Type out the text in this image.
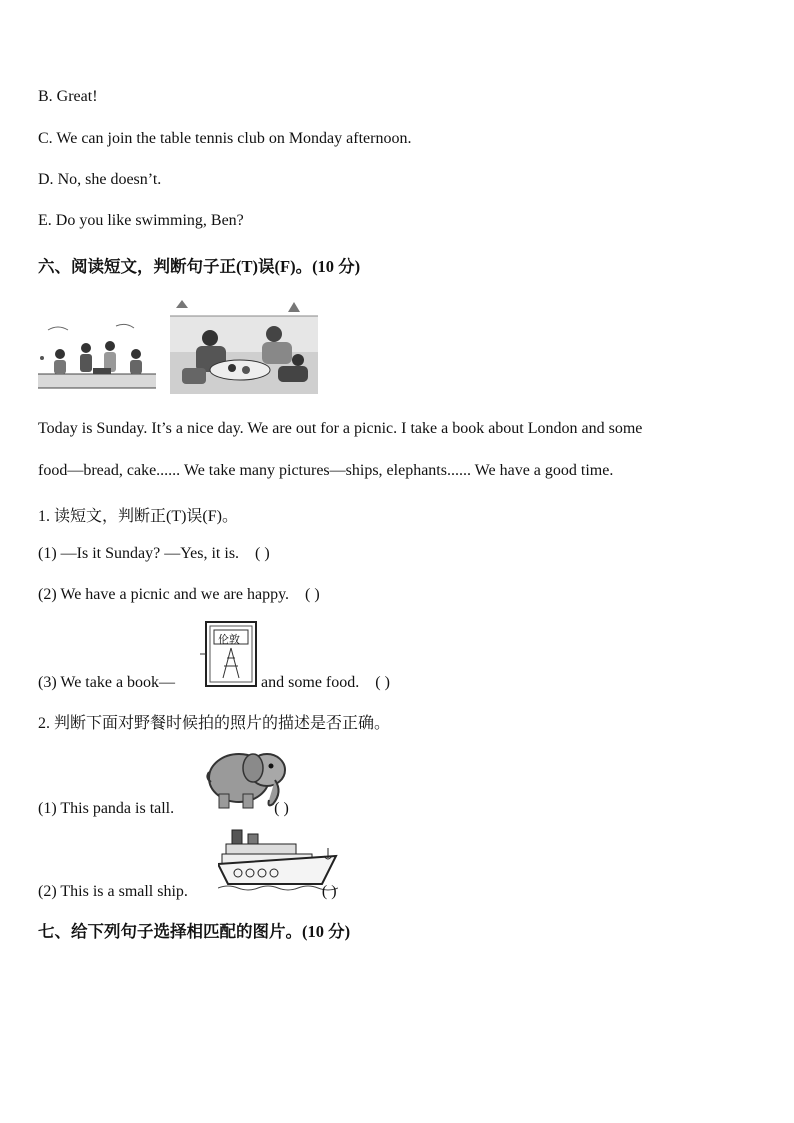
B. Great!
C. We can join the table tennis club on Monday afternoon.
D. No, she doesn’t.
E. Do you like swimming, Ben?
六、阅读短文，判断句子正(T)误(F)。(10 分)
Today is Sunday. It’s a nice day. We are out for a picnic. I take a book about London and some
food—bread, cake...... We take many pictures—ships, elephants...... We have a good time.
1. 读短文，判断正(T)误(F)。
(1) —Is it Sunday? —Yes, it is. ( )
(2) We have a picnic and we are happy. ( )
伦敦
(3) We take a book—	and some food. ( )
2. 判断下面对野餐时候拍的照片的描述是否正确。
(1) This panda is tall.	( )
(2) This is a small ship.	( )
七、给下列句子选择相匹配的图片。(10 分)
